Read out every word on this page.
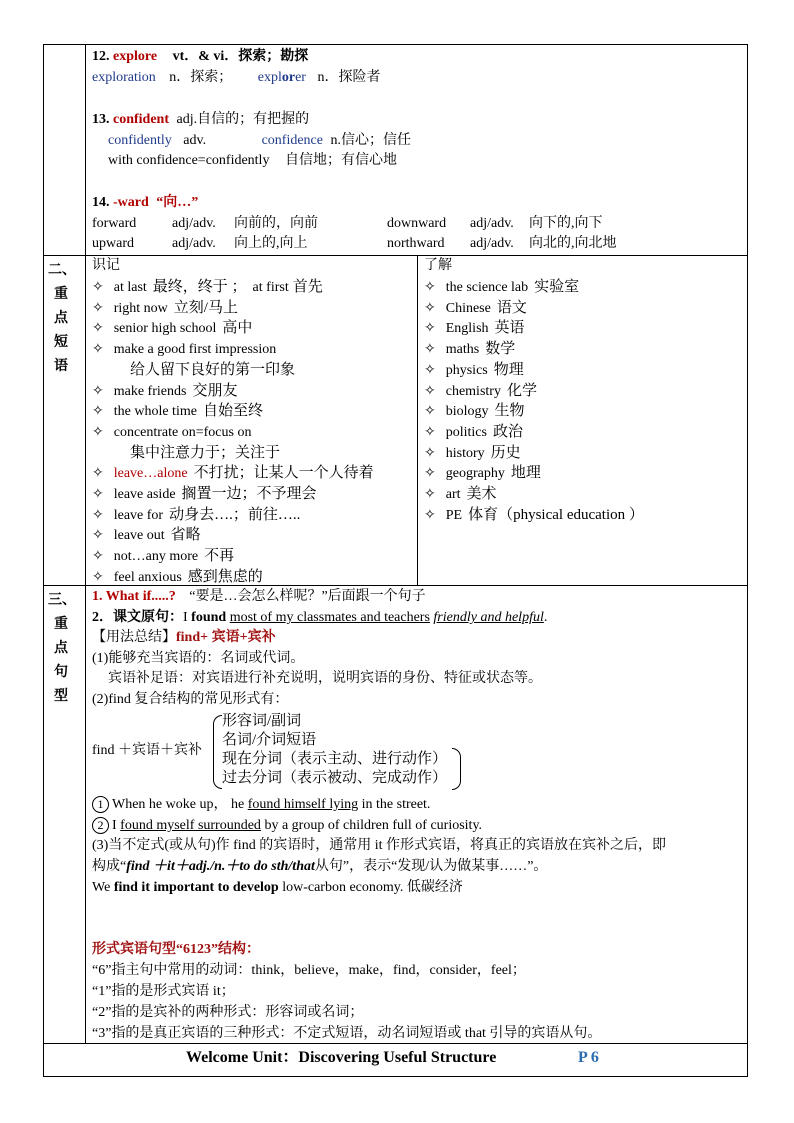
12. explore vt．& vi．探索；勘探
exploration n．探索； explorer n．探险者
13. confident adj.自信的；有把握的
confidently adv.	confidence n.信心；信任
with confidence=confidently 自信地；有信心地
14. -ward “向…”
forward	adj/adv. 向前的，向前	downward adj/adv. 向下的,向下
upward	adj/adv. 向上的,向上	northward adj/adv. 向北的,向北地
二、
重
点
短
语
识记
✧ at last 最终，终于 ； at first 首先
✧ right now 立刻/马上
✧ senior high school 高中
✧ make a good first impression
给人留下良好的第一印象
✧ make friends 交朋友
✧ the whole time 自始至终
✧ concentrate on=focus on
集中注意力于；关注于
✧ leave…alone 不打扰；让某人一个人待着
✧ leave aside 搁置一边；不予理会
✧ leave for 动身去….；前往…..
✧ leave out 省略
✧ not…any more 不再
✧ feel anxious 感到焦虑的
了解
✧ the science lab 实验室
✧ Chinese 语文
✧ English 英语
✧ maths 数学
✧ physics 物理
✧ chemistry 化学
✧ biology 生物
✧ politics 政治
✧ history 历史
✧ geography 地理
✧ art 美术
✧ PE 体育（physical education ）
三、
重
点
句
型
1. What if.....? “要是…会怎么样呢？”后面跟一个句子
2．课文原句：I found most of my classmates and teachers friendly and helpful.
【用法总结】find+ 宾语+宾补
(1)能够充当宾语的：名词或代词。
宾语补足语：对宾语进行补充说明，说明宾语的身份、特征或状态等。
(2)find 复合结构的常见形式有：
find ＋宾语＋宾补
形容词/副词
名词/介词短语
现在分词（表示主动、进行动作）
过去分词（表示被动、完成动作）
1 When he woke up， he found himself lying in the street.
2 I found myself surrounded by a group of children full of curiosity.
(3)当不定式(或从句)作 find 的宾语时，通常用 it 作形式宾语，将真正的宾语放在宾补之后，即
构成“find ＋it＋adj./n.＋to do sth/that从句”，表示“发现/认为做某事……”。
We find it important to develop low-carbon economy. 低碳经济
形式宾语句型“6123”结构：
“6”指主句中常用的动词：think，believe，make，find，consider，feel；
“1”指的是形式宾语 it；
“2”指的是宾补的两种形式：形容词或名词；
“3”指的是真正宾语的三种形式：不定式短语，动名词短语或 that 引导的宾语从句。
Welcome Unit：Discovering Useful Structure	P 6
